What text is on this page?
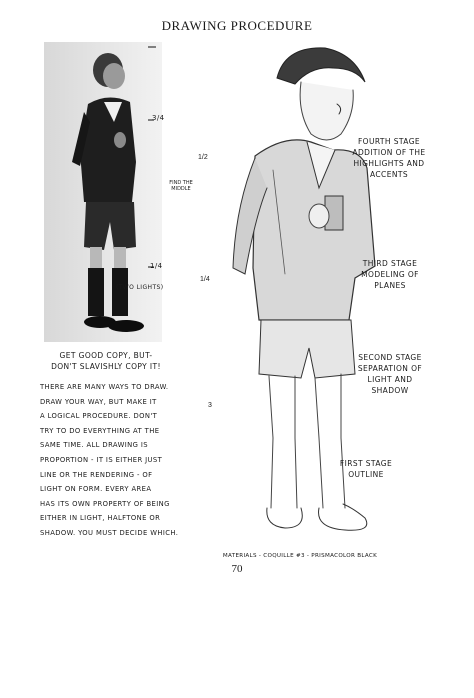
DRAWING PROCEDURE
3/4
FIND THE
MIDDLE
1/4
(TWO LIGHTS)
GET GOOD COPY, BUT-
DON'T SLAVISHLY COPY IT!
THERE ARE MANY WAYS TO DRAW.
DRAW YOUR WAY, BUT MAKE IT
A LOGICAL PROCEDURE. DON'T
TRY TO DO EVERYTHING AT THE
SAME TIME. ALL DRAWING IS
PROPORTION - IT IS EITHER JUST
LINE OR THE RENDERING - OF
LIGHT ON FORM. EVERY AREA
HAS ITS OWN PROPERTY OF BEING
EITHER IN LIGHT, HALFTONE OR
SHADOW. YOU MUST DECIDE WHICH.
1/2
1/4
3
FOURTH STAGE
ADDITION OF THE
HIGHLIGHTS AND
ACCENTS
THIRD STAGE
MODELING OF
PLANES
SECOND STAGE
SEPARATION OF
LIGHT AND SHADOW
FIRST STAGE
OUTLINE
MATERIALS - COQUILLE #3 - PRISMACOLOR BLACK
70
